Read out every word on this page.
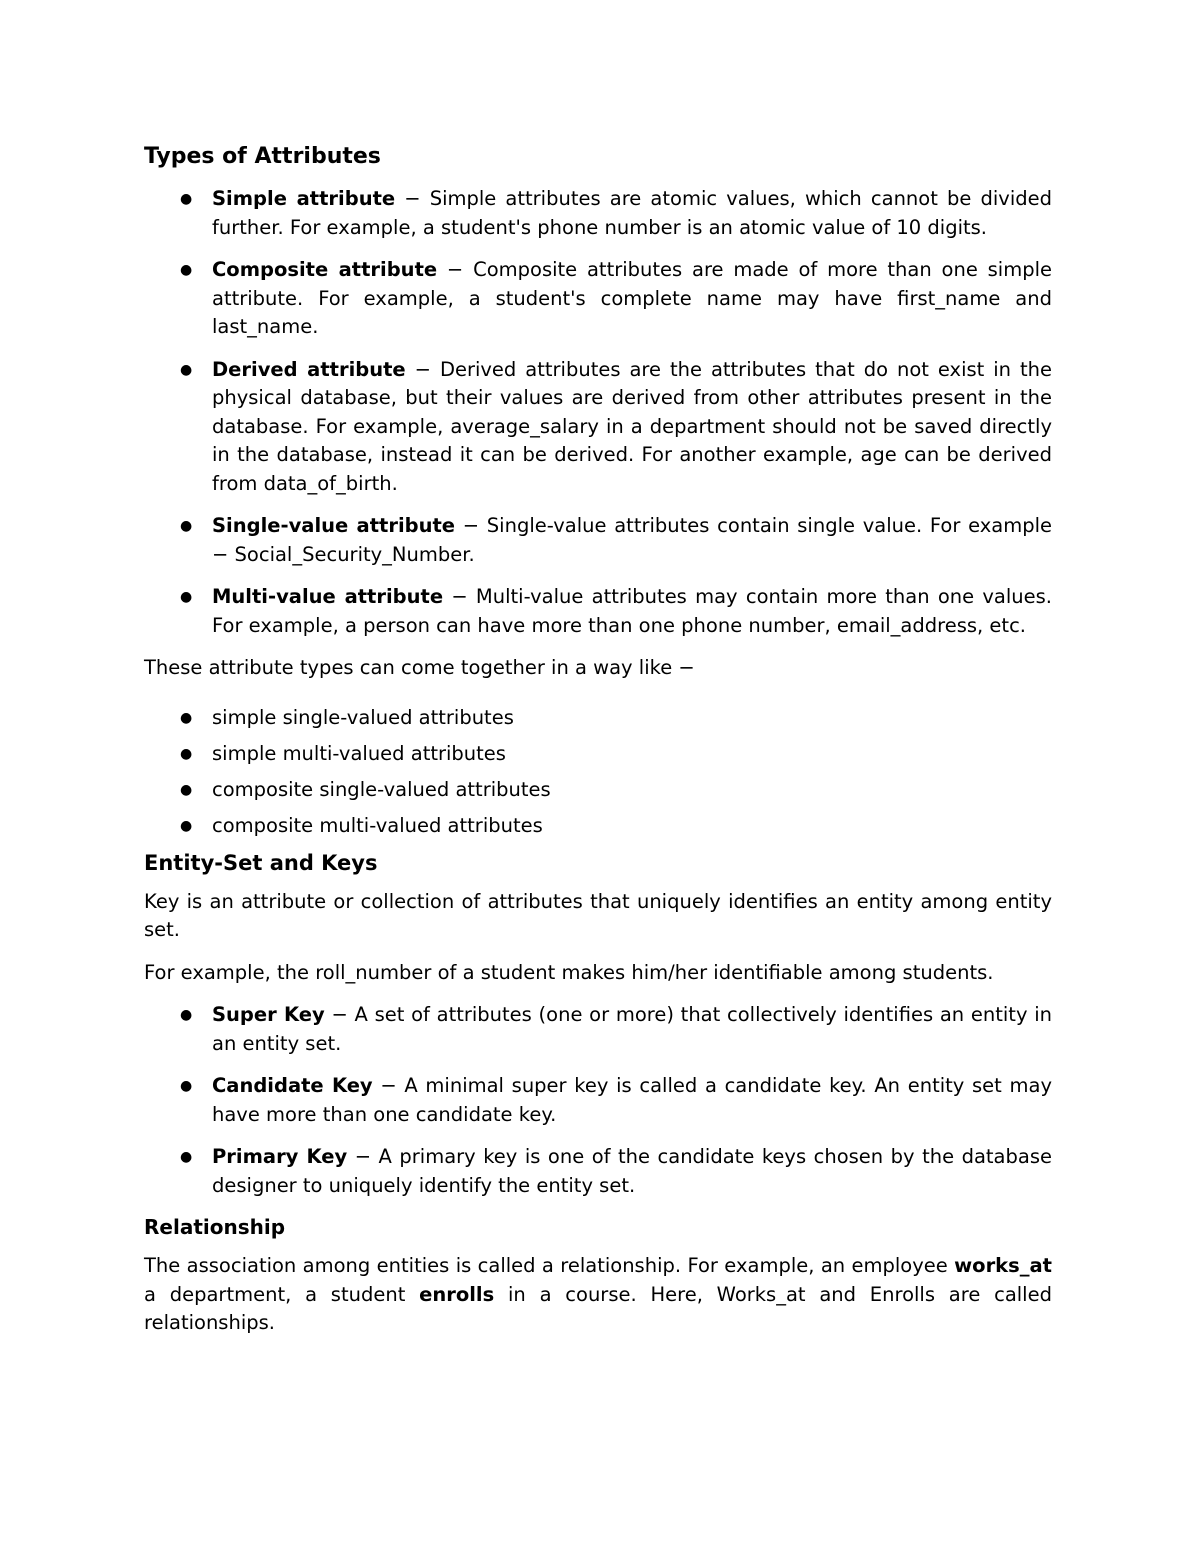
Types of Attributes
● Simple attribute − Simple attributes are atomic values, which cannot be divided further. For example, a student's phone number is an atomic value of 10 digits.
● Composite attribute − Composite attributes are made of more than one simple attribute. For example, a student's complete name may have first_name and last_name.
● Derived attribute − Derived attributes are the attributes that do not exist in the physical database, but their values are derived from other attributes present in the database. For example, average_salary in a department should not be saved directly in the database, instead it can be derived. For another example, age can be derived from data_of_birth.
● Single-value attribute − Single-value attributes contain single value. For example − Social_Security_Number.
● Multi-value attribute − Multi-value attributes may contain more than one values. For example, a person can have more than one phone number, email_address, etc.

These attribute types can come together in a way like −

● simple single-valued attributes
● simple multi-valued attributes
● composite single-valued attributes
● composite multi-valued attributes
Entity-Set and Keys

Key is an attribute or collection of attributes that uniquely identifies an entity among entity set.

For example, the roll_number of a student makes him/her identifiable among students.

● Super Key − A set of attributes (one or more) that collectively identifies an entity in an entity set.
● Candidate Key − A minimal super key is called a candidate key. An entity set may have more than one candidate key.
● Primary Key − A primary key is one of the candidate keys chosen by the database designer to uniquely identify the entity set.
Relationship

The association among entities is called a relationship. For example, an employee works_at a department, a student enrolls in a course. Here, Works_at and Enrolls are called relationships.
